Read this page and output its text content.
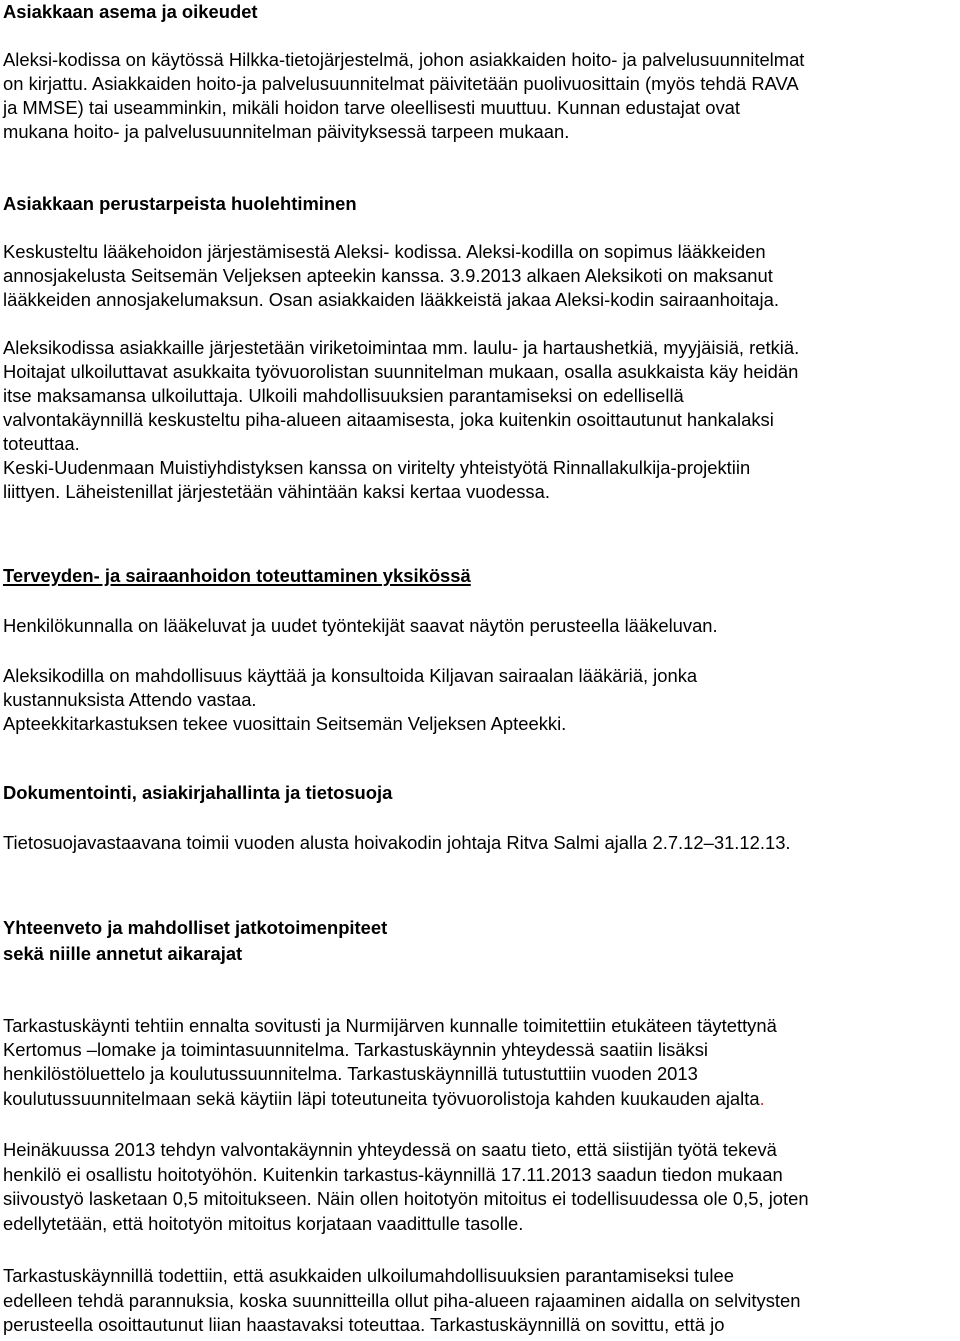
Asiakkaan asema ja oikeudet
Aleksi-kodissa on käytössä Hilkka-tietojärjestelmä, johon asiakkaiden hoito- ja palvelusuunnitelmat
on kirjattu. Asiakkaiden hoito-ja palvelusuunnitelmat päivitetään puolivuosittain (myös tehdä RAVA
ja MMSE) tai useamminkin, mikäli hoidon tarve oleellisesti muuttuu. Kunnan edustajat ovat
mukana hoito- ja palvelusuunnitelman päivityksessä tarpeen mukaan.
Asiakkaan perustarpeista huolehtiminen
Keskusteltu lääkehoidon järjestämisestä Aleksi- kodissa. Aleksi-kodilla on sopimus lääkkeiden
annosjakelusta Seitsemän Veljeksen apteekin kanssa. 3.9.2013 alkaen Aleksikoti on maksanut
lääkkeiden annosjakelumaksun. Osan asiakkaiden lääkkeistä jakaa Aleksi-kodin sairaanhoitaja.
Aleksikodissa asiakkaille järjestetään viriketoimintaa mm. laulu- ja hartaushetkiä, myyjäisiä, retkiä.
Hoitajat ulkoiluttavat asukkaita työvuorolistan suunnitelman mukaan, osalla asukkaista käy heidän
itse maksamansa ulkoiluttaja. Ulkoili mahdollisuuksien parantamiseksi on edellisellä
valvontakäynnillä keskusteltu piha-alueen aitaamisesta, joka kuitenkin osoittautunut hankalaksi
toteuttaa.
Keski-Uudenmaan Muistiyhdistyksen kanssa on viritelty yhteistyötä Rinnallakulkija-projektiin
liittyen. Läheistenillat järjestetään vähintään kaksi kertaa vuodessa.
Terveyden- ja sairaanhoidon toteuttaminen yksikössä
Henkilökunnalla on lääkeluvat ja uudet työntekijät saavat näytön perusteella lääkeluvan.
Aleksikodilla on mahdollisuus käyttää ja konsultoida Kiljavan sairaalan lääkäriä, jonka
kustannuksista Attendo vastaa.
Apteekkitarkastuksen tekee vuosittain Seitsemän Veljeksen Apteekki.
Dokumentointi, asiakirjahallinta ja tietosuoja
Tietosuojavastaavana toimii vuoden alusta hoivakodin johtaja Ritva Salmi ajalla 2.7.12–31.12.13.
Yhteenveto ja mahdolliset jatkotoimenpiteet
sekä niille annetut aikarajat
Tarkastuskäynti tehtiin ennalta sovitusti ja Nurmijärven kunnalle toimitettiin etukäteen täytettynä
Kertomus –lomake ja toimintasuunnitelma. Tarkastuskäynnin yhteydessä saatiin lisäksi
henkilöstöluettelo ja koulutussuunnitelma. Tarkastuskäynnillä tutustuttiin vuoden 2013
koulutussuunnitelmaan sekä käytiin läpi toteutuneita työvuorolistoja kahden kuukauden ajalta.
Heinäkuussa 2013 tehdyn valvontakäynnin yhteydessä on saatu tieto, että siistijän työtä tekevä
henkilö ei osallistu hoitotyöhön. Kuitenkin tarkastus-käynnillä 17.11.2013 saadun tiedon mukaan
siivoustyö lasketaan 0,5 mitoitukseen. Näin ollen hoitotyön mitoitus ei todellisuudessa ole 0,5, joten
edellytetään, että hoitotyön mitoitus korjataan vaadittulle tasolle.
Tarkastuskäynnillä todettiin, että asukkaiden ulkoilumahdollisuuksien parantamiseksi tulee
edelleen tehdä parannuksia, koska suunnitteilla ollut piha-alueen rajaaminen aidalla on selvitysten
perusteella osoittautunut liian haastavaksi toteuttaa. Tarkastuskäynnillä on sovittu, että jo
